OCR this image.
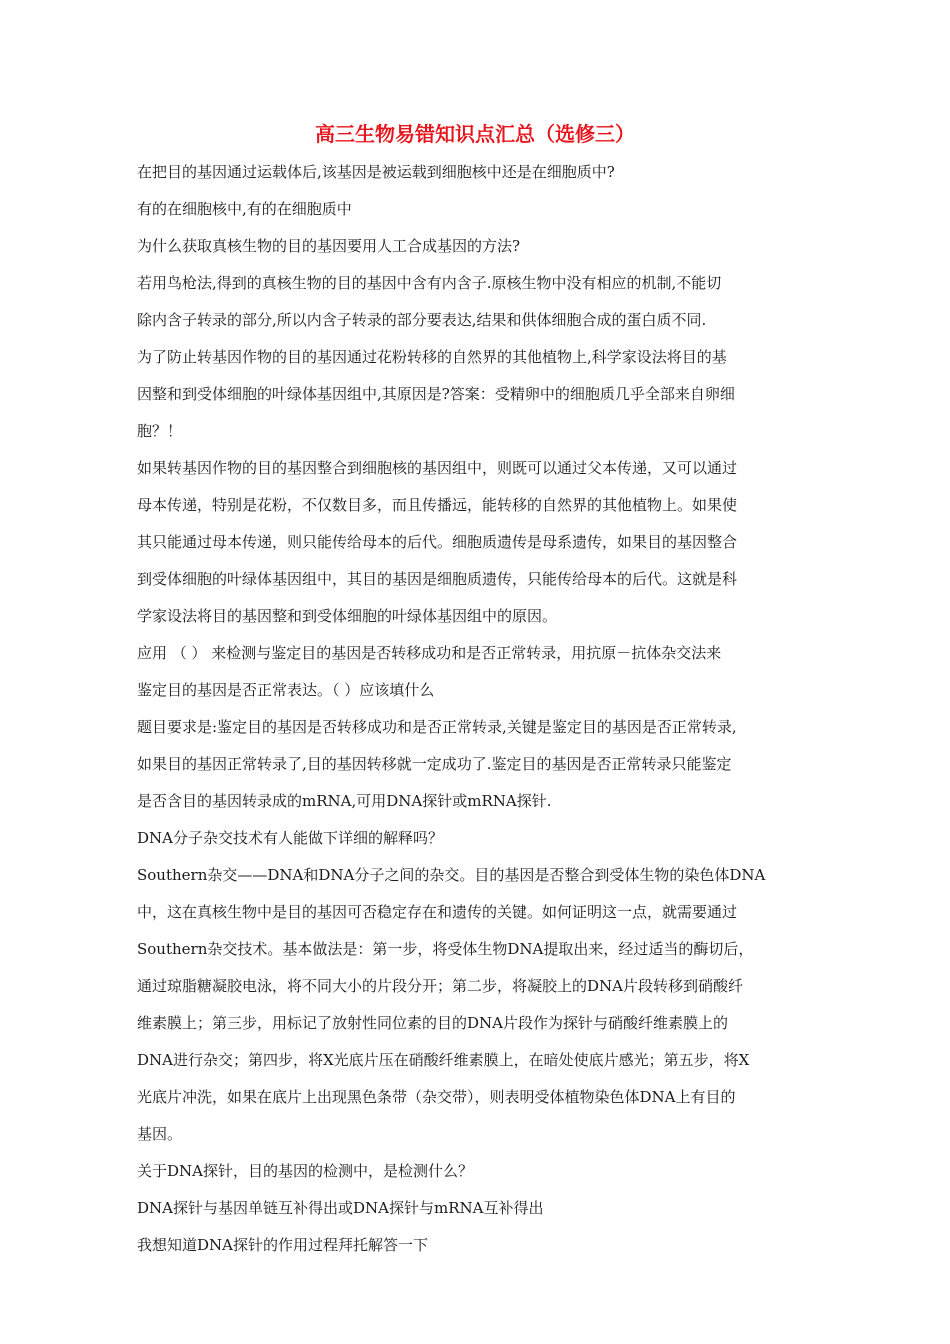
高三生物易错知识点汇总（选修三）
在把目的基因通过运载体后,该基因是被运载到细胞核中还是在细胞质中?
有的在细胞核中,有的在细胞质中
为什么获取真核生物的目的基因要用人工合成基因的方法?
若用鸟枪法,得到的真核生物的目的基因中含有内含子.原核生物中没有相应的机制,不能切
除内含子转录的部分,所以内含子转录的部分要表达,结果和供体细胞合成的蛋白质不同.
为了防止转基因作物的目的基因通过花粉转移的自然界的其他植物上,科学家设法将目的基
因整和到受体细胞的叶绿体基因组中,其原因是?答案：受精卵中的细胞质几乎全部来自卵细
胞？！
如果转基因作物的目的基因整合到细胞核的基因组中，则既可以通过父本传递，又可以通过
母本传递，特别是花粉，不仅数目多，而且传播远，能转移的自然界的其他植物上。如果使
其只能通过母本传递，则只能传给母本的后代。细胞质遗传是母系遗传，如果目的基因整合
到受体细胞的叶绿体基因组中，其目的基因是细胞质遗传，只能传给母本的后代。这就是科
学家设法将目的基因整和到受体细胞的叶绿体基因组中的原因。
应用 （ ） 来检测与鉴定目的基因是否转移成功和是否正常转录，用抗原－抗体杂交法来
鉴定目的基因是否正常表达。（ ）应该填什么
题目要求是:鉴定目的基因是否转移成功和是否正常转录,关键是鉴定目的基因是否正常转录,
如果目的基因正常转录了,目的基因转移就一定成功了.鉴定目的基因是否正常转录只能鉴定
是否含目的基因转录成的mRNA,可用DNA探针或mRNA探针.
DNA分子杂交技术有人能做下详细的解释吗？
Southern杂交——DNA和DNA分子之间的杂交。目的基因是否整合到受体生物的染色体DNA
中，这在真核生物中是目的基因可否稳定存在和遗传的关键。如何证明这一点，就需要通过
Southern杂交技术。基本做法是：第一步，将受体生物DNA提取出来，经过适当的酶切后，
通过琼脂糖凝胶电泳，将不同大小的片段分开；第二步，将凝胶上的DNA片段转移到硝酸纤
维素膜上；第三步，用标记了放射性同位素的目的DNA片段作为探针与硝酸纤维素膜上的
DNA进行杂交；第四步，将X光底片压在硝酸纤维素膜上，在暗处使底片感光；第五步，将X
光底片冲洗，如果在底片上出现黑色条带（杂交带），则表明受体植物染色体DNA上有目的
基因。
关于DNA探针，目的基因的检测中，是检测什么？
DNA探针与基因单链互补得出或DNA探针与mRNA互补得出
我想知道DNA探针的作用过程拜托解答一下
